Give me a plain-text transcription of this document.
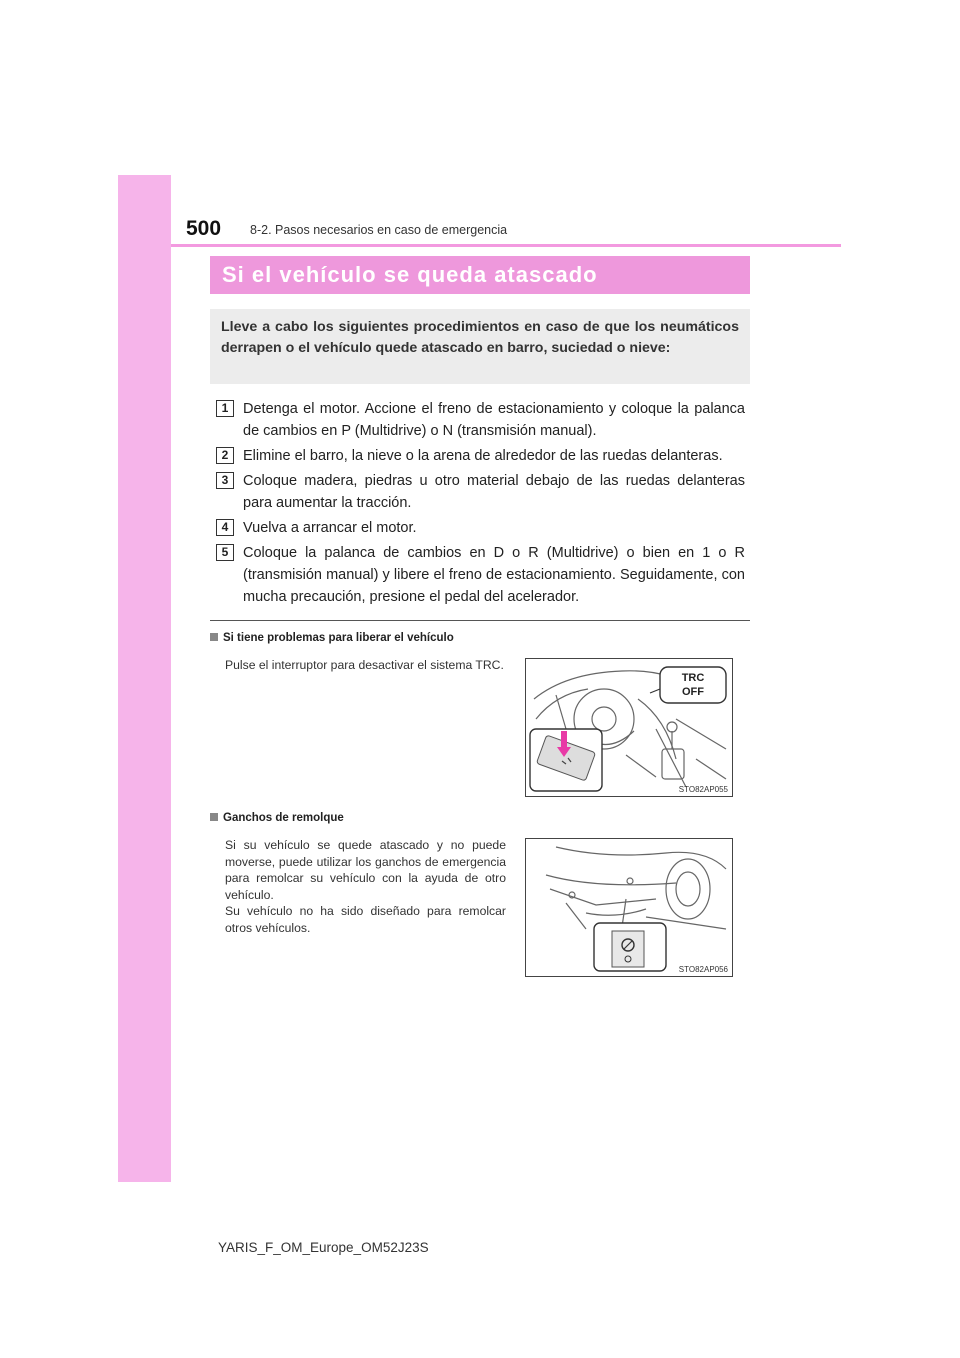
500 8-2. Pasos necesarios en caso de emergencia
Si el vehículo se queda atascado
Lleve a cabo los siguientes procedimientos en caso de que los neumáticos derrapen o el vehículo quede atascado en barro, suciedad o nieve:
1	Detenga el motor. Accione el freno de estacionamiento y coloque la palanca de cambios en P (Multidrive) o N (transmisión manual).
2	Elimine el barro, la nieve o la arena de alrededor de las ruedas delanteras.
3	Coloque madera, piedras u otro material debajo de las ruedas delanteras para aumentar la tracción.
4	Vuelva a arrancar el motor.
5	Coloque la palanca de cambios en D o R (Multidrive) o bien en 1 o R (transmisión manual) y libere el freno de estacionamiento. Seguidamente, con mucha precaución, presione el pedal del acelerador.
Si tiene problemas para liberar el vehículo
Pulse el interruptor para desactivar el sistema TRC.
TRC
OFF
STO82AP055
Ganchos de remolque
Si su vehículo se quede atascado y no puede moverse, puede utilizar los ganchos de emergencia para remolcar su vehículo con la ayuda de otro vehículo.
Su vehículo no ha sido diseñado para remolcar otros vehículos.
STO82AP056
YARIS_F_OM_Europe_OM52J23S
